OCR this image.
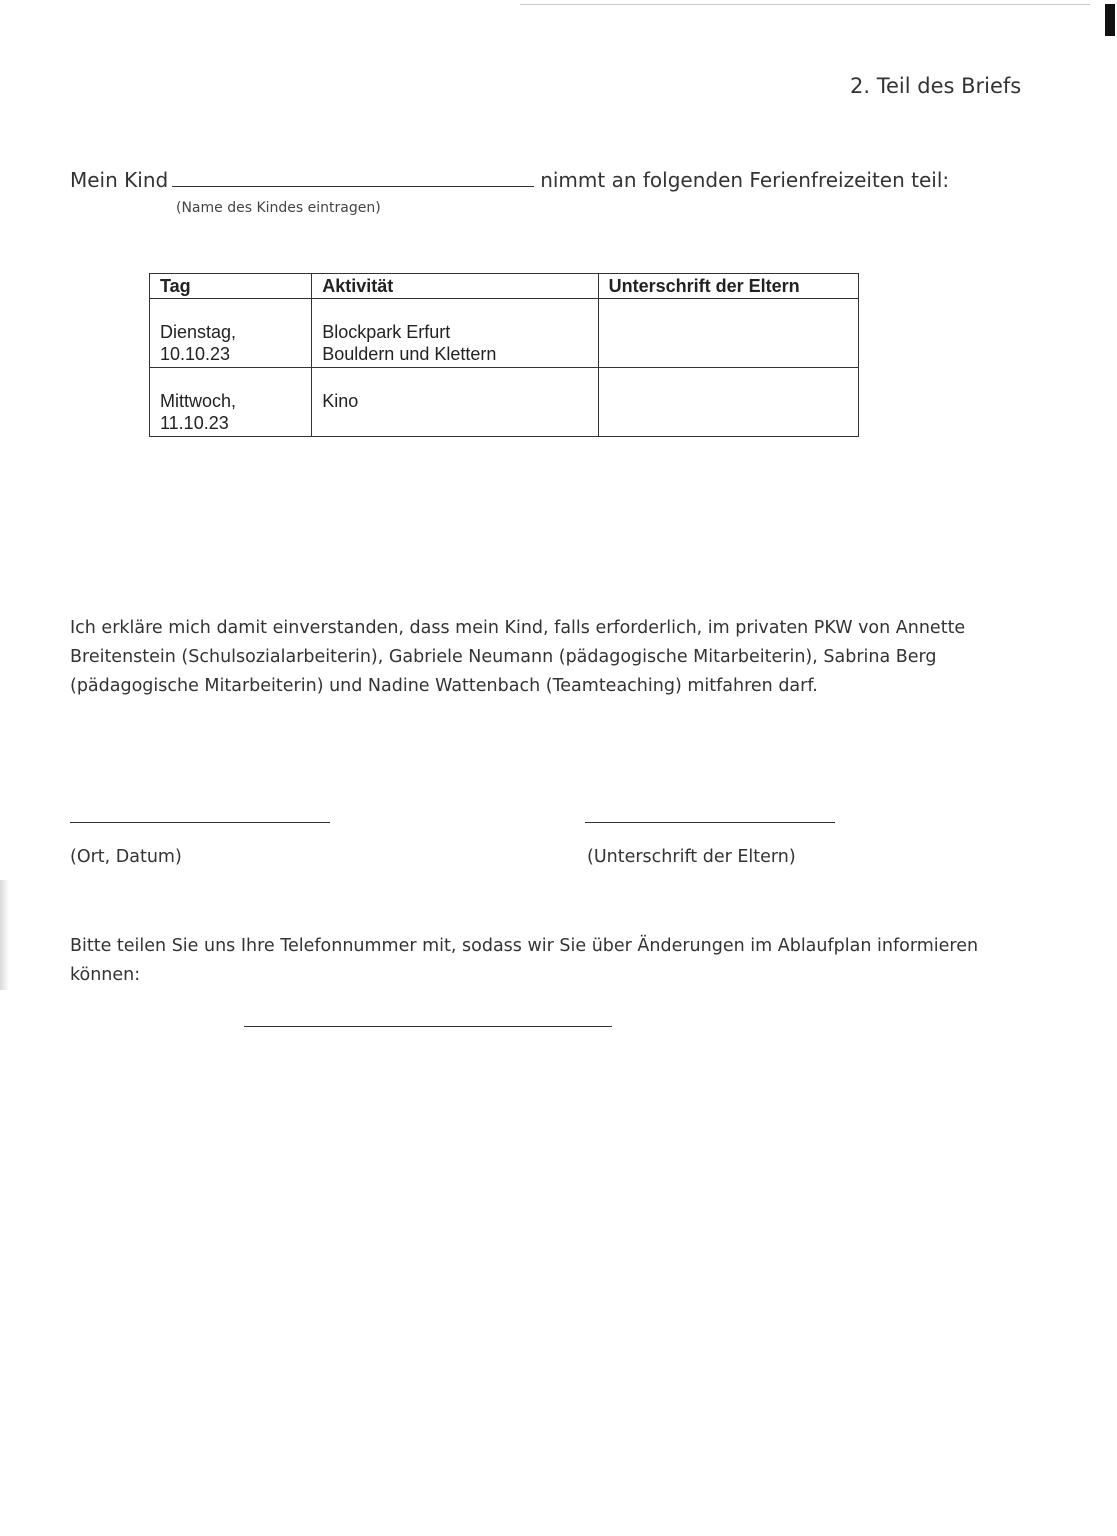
2. Teil des Briefs
Mein Kind	nimmt an folgenden Ferienfreizeiten teil:
(Name des Kindes eintragen)
Tag	Aktivität	Unterschrift der Eltern

Dienstag,
10.10.23	Blockpark Erfurt
Bouldern und Klettern	

Mittwoch,
11.10.23	Kino	

Ich erkläre mich damit einverstanden, dass mein Kind, falls erforderlich, im privaten PKW von Annette Breitenstein (Schulsozialarbeiterin), Gabriele Neumann (pädagogische Mitarbeiterin), Sabrina Berg (pädagogische Mitarbeiterin) und Nadine Wattenbach (Teamteaching) mitfahren darf.
(Ort, Datum)	(Unterschrift der Eltern)
Bitte teilen Sie uns Ihre Telefonnummer mit, sodass wir Sie über Änderungen im Ablaufplan informieren können:
